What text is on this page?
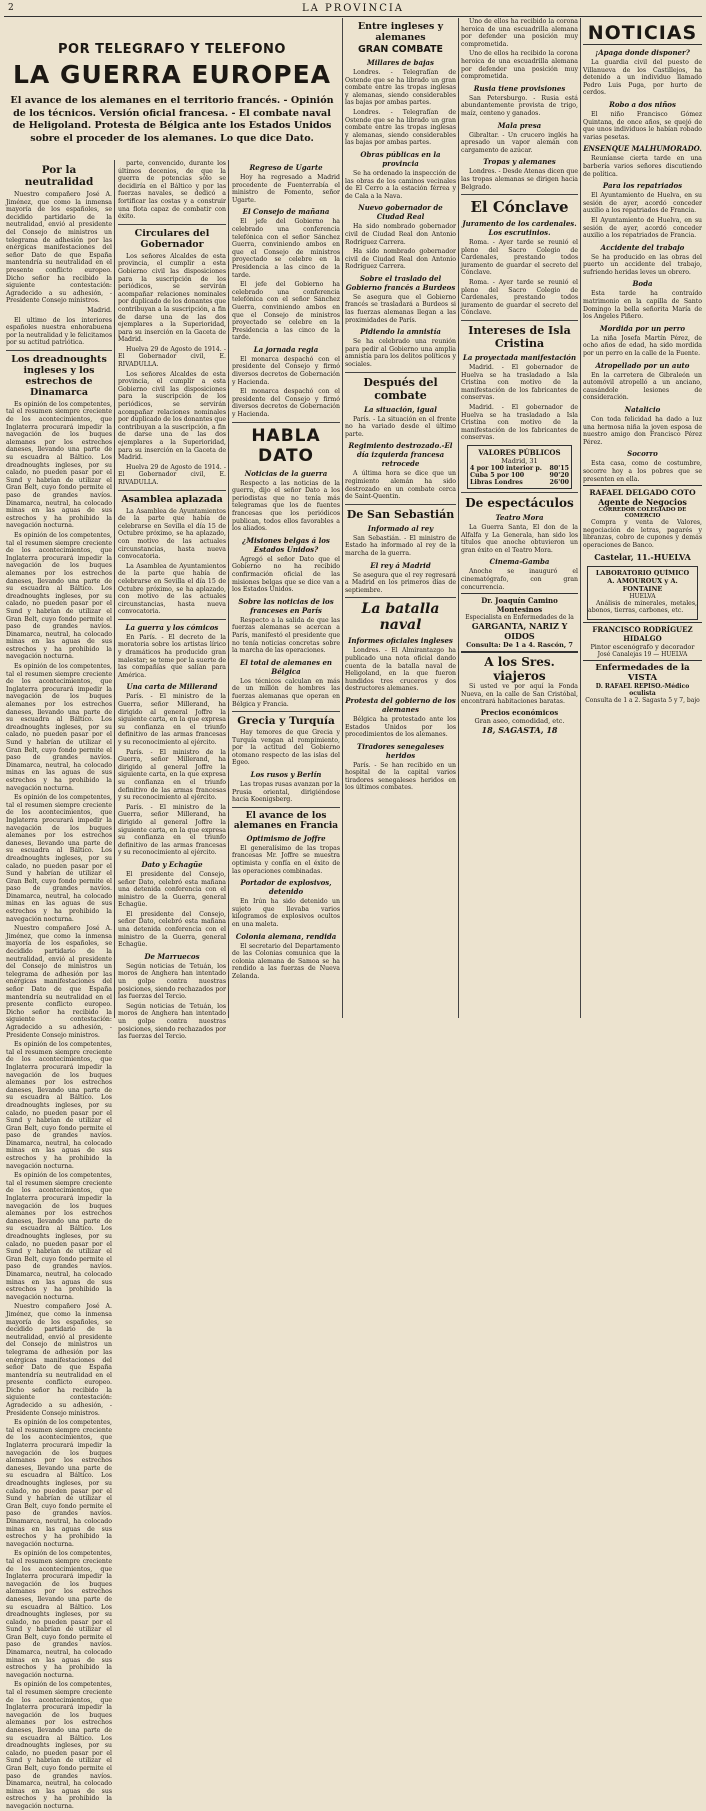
2	LA PROVINCIA
POR TELEGRAFO Y TELEFONO
LA GUERRA EUROPEA
El avance de los alemanes en el territorio francés. - Opinión de los técnicos. Versión oficial francesa. - El combate naval de Heligoland. Protesta de Bélgica ante los Estados Unidos sobre el proceder de los alemanes. Lo que dice Dato.
Por la neutralidad

Nuestro compañero José A. Jiménez, que como la inmensa mayoría de los españoles, se decidido partidario de la neutralidad, envió al presidente del Consejo de ministros un telegrama de adhesión por las enérgicas manifestaciones del señor Dato de que España mantendría su neutralidad en el presente conflicto europeo. Dicho señor ha recibido la siguiente contestación: Agradecido a su adhesión, - Presidente Consejo ministros.

Madrid.

El ultimo de los interiores españoles nuestra enhorabuena por la neutralidad y le felicitamos por su actitud patriótica.

Los dreadnoughts ingleses y los estrechos de Dinamarca

Es opinión de los competentes, tal el resumen siempre creciente de los acontecimientos, que Inglaterra procurará impedir la navegación de los buques alemanes por los estrechos daneses, llevando una parte de su escuadra al Báltico. Los dreadnoughts ingleses, por su calado, no pueden pasar por el Sund y habrían de utilizar el Gran Belt, cuyo fondo permite el paso de grandes navíos. Dinamarca, neutral, ha colocado minas en las aguas de sus estrechos y ha prohibido la navegación nocturna.

Es opinión de los competentes, tal el resumen siempre creciente de los acontecimientos, que Inglaterra procurará impedir la navegación de los buques alemanes por los estrechos daneses, llevando una parte de su escuadra al Báltico. Los dreadnoughts ingleses, por su calado, no pueden pasar por el Sund y habrían de utilizar el Gran Belt, cuyo fondo permite el paso de grandes navíos. Dinamarca, neutral, ha colocado minas en las aguas de sus estrechos y ha prohibido la navegación nocturna.

Es opinión de los competentes, tal el resumen siempre creciente de los acontecimientos, que Inglaterra procurará impedir la navegación de los buques alemanes por los estrechos daneses, llevando una parte de su escuadra al Báltico. Los dreadnoughts ingleses, por su calado, no pueden pasar por el Sund y habrían de utilizar el Gran Belt, cuyo fondo permite el paso de grandes navíos. Dinamarca, neutral, ha colocado minas en las aguas de sus estrechos y ha prohibido la navegación nocturna.

Es opinión de los competentes, tal el resumen siempre creciente de los acontecimientos, que Inglaterra procurará impedir la navegación de los buques alemanes por los estrechos daneses, llevando una parte de su escuadra al Báltico. Los dreadnoughts ingleses, por su calado, no pueden pasar por el Sund y habrían de utilizar el Gran Belt, cuyo fondo permite el paso de grandes navíos. Dinamarca, neutral, ha colocado minas en las aguas de sus estrechos y ha prohibido la navegación nocturna.

Nuestro compañero José A. Jiménez, que como la inmensa mayoría de los españoles, se decidido partidario de la neutralidad, envió al presidente del Consejo de ministros un telegrama de adhesión por las enérgicas manifestaciones del señor Dato de que España mantendría su neutralidad en el presente conflicto europeo. Dicho señor ha recibido la siguiente contestación: Agradecido a su adhesión, - Presidente Consejo ministros.

Es opinión de los competentes, tal el resumen siempre creciente de los acontecimientos, que Inglaterra procurará impedir la navegación de los buques alemanes por los estrechos daneses, llevando una parte de su escuadra al Báltico. Los dreadnoughts ingleses, por su calado, no pueden pasar por el Sund y habrían de utilizar el Gran Belt, cuyo fondo permite el paso de grandes navíos. Dinamarca, neutral, ha colocado minas en las aguas de sus estrechos y ha prohibido la navegación nocturna.

Es opinión de los competentes, tal el resumen siempre creciente de los acontecimientos, que Inglaterra procurará impedir la navegación de los buques alemanes por los estrechos daneses, llevando una parte de su escuadra al Báltico. Los dreadnoughts ingleses, por su calado, no pueden pasar por el Sund y habrían de utilizar el Gran Belt, cuyo fondo permite el paso de grandes navíos. Dinamarca, neutral, ha colocado minas en las aguas de sus estrechos y ha prohibido la navegación nocturna.

Nuestro compañero José A. Jiménez, que como la inmensa mayoría de los españoles, se decidido partidario de la neutralidad, envió al presidente del Consejo de ministros un telegrama de adhesión por las enérgicas manifestaciones del señor Dato de que España mantendría su neutralidad en el presente conflicto europeo. Dicho señor ha recibido la siguiente contestación: Agradecido a su adhesión, - Presidente Consejo ministros.

Es opinión de los competentes, tal el resumen siempre creciente de los acontecimientos, que Inglaterra procurará impedir la navegación de los buques alemanes por los estrechos daneses, llevando una parte de su escuadra al Báltico. Los dreadnoughts ingleses, por su calado, no pueden pasar por el Sund y habrían de utilizar el Gran Belt, cuyo fondo permite el paso de grandes navíos. Dinamarca, neutral, ha colocado minas en las aguas de sus estrechos y ha prohibido la navegación nocturna.

Es opinión de los competentes, tal el resumen siempre creciente de los acontecimientos, que Inglaterra procurará impedir la navegación de los buques alemanes por los estrechos daneses, llevando una parte de su escuadra al Báltico. Los dreadnoughts ingleses, por su calado, no pueden pasar por el Sund y habrían de utilizar el Gran Belt, cuyo fondo permite el paso de grandes navíos. Dinamarca, neutral, ha colocado minas en las aguas de sus estrechos y ha prohibido la navegación nocturna.

Es opinión de los competentes, tal el resumen siempre creciente de los acontecimientos, que Inglaterra procurará impedir la navegación de los buques alemanes por los estrechos daneses, llevando una parte de su escuadra al Báltico. Los dreadnoughts ingleses, por su calado, no pueden pasar por el Sund y habrían de utilizar el Gran Belt, cuyo fondo permite el paso de grandes navíos. Dinamarca, neutral, ha colocado minas en las aguas de sus estrechos y ha prohibido la navegación nocturna.

parte, convencido, durante los últimos decenios, de que la guerra de potencias sólo se decidiría en el Báltico y por las fuerzas navales, se dedicó a fortificar las costas y a construir una flota capaz de combatir con éxito.

Circulares del Gobernador

Los señores Alcaldes de esta provincia, el cumplir a esta Gobierno civil las disposiciones para la suscripción de los periódicos, se servirán acompañar relaciones nominales por duplicado de los donantes que contribuyan a la suscripción, a fin de darse una de las dos ejemplares a la Superioridad, para su inserción en la Gaceta de Madrid.

Huelva 29 de Agosto de 1914. - El Gobernador civil, E. RIVADULLA.

Los señores Alcaldes de esta provincia, el cumplir a esta Gobierno civil las disposiciones para la suscripción de los periódicos, se servirán acompañar relaciones nominales por duplicado de los donantes que contribuyan a la suscripción, a fin de darse una de las dos ejemplares a la Superioridad, para su inserción en la Gaceta de Madrid.

Huelva 29 de Agosto de 1914. - El Gobernador civil, E. RIVADULLA.

Asamblea aplazada

La Asamblea de Ayuntamientos de la parte que había de celebrarse en Sevilla el día 15 de Octubre próximo, se ha aplazado, con motivo de las actuales circunstancias, hasta nueva convocatoria.

La Asamblea de Ayuntamientos de la parte que había de celebrarse en Sevilla el día 15 de Octubre próximo, se ha aplazado, con motivo de las actuales circunstancias, hasta nueva convocatoria.

La guerra y los cómicos

En París. - El decreto de la moratoria sobre los artistas lírico y dramáticos ha producido gran malestar; se teme por la suerte de las compañías que salían para América.

Una carta de Millerand

París. - El ministro de la Guerra, señor Millerand, ha dirigido al general Joffre la siguiente carta, en la que expresa su confianza en el triunfo definitivo de las armas francesas y su reconocimiento al ejército.

París. - El ministro de la Guerra, señor Millerand, ha dirigido al general Joffre la siguiente carta, en la que expresa su confianza en el triunfo definitivo de las armas francesas y su reconocimiento al ejército.

París. - El ministro de la Guerra, señor Millerand, ha dirigido al general Joffre la siguiente carta, en la que expresa su confianza en el triunfo definitivo de las armas francesas y su reconocimiento al ejército.

Dato y Echagüe

El presidente del Consejo, señor Dato, celebró esta mañana una detenida conferencia con el ministro de la Guerra, general Echagüe.

El presidente del Consejo, señor Dato, celebró esta mañana una detenida conferencia con el ministro de la Guerra, general Echagüe.

De Marruecos

Según noticias de Tetuán, los moros de Anghera han intentado un golpe contra nuestras posiciones, siendo rechazados por las fuerzas del Tercio.

Según noticias de Tetuán, los moros de Anghera han intentado un golpe contra nuestras posiciones, siendo rechazados por las fuerzas del Tercio.

Regreso de Ugarte

Hoy ha regresado a Madrid procedente de Fuenterrabía el ministro de Fomento, señor Ugarte.

El Consejo de mañana

El jefe del Gobierno ha celebrado una conferencia telefónica con el señor Sánchez Guerra, conviniendo ambos en que el Consejo de ministros proyectado se celebre en la Presidencia a las cinco de la tarde.

El jefe del Gobierno ha celebrado una conferencia telefónica con el señor Sánchez Guerra, conviniendo ambos en que el Consejo de ministros proyectado se celebre en la Presidencia a las cinco de la tarde.

La jornada regia

El monarca despachó con el presidente del Consejo y firmó diversos decretos de Gobernación y Hacienda.

El monarca despachó con el presidente del Consejo y firmó diversos decretos de Gobernación y Hacienda.

HABLA DATO
Noticias de la guerra

Respecto a las noticias de la guerra, dijo el señor Dato a los periodistas que no tenía más telegramas que los de fuentes francesas que los periódicos publican, todos ellos favorables a los aliados.

¿Misiones belgas á los Estados Unidos?

Agregó el señor Dato que el Gobierno no ha recibido confirmación oficial de las misiones belgas que se dice van a los Estados Unidos.

Sobre las noticias de los franceses en París

Respecto a la salida de que las fuerzas alemanas se acercan a París, manifestó el presidente que no tenía noticias concretas sobre la marcha de las operaciones.

El total de alemanes en Bélgica

Los técnicos calculan en más de un millón de hombres las fuerzas alemanas que operan en Bélgica y Francia.

Grecia y Turquía

Hay temores de que Grecia y Turquía vengan al rompimiento, por la actitud del Gobierno otomano respecto de las islas del Egeo.

Los rusos y Berlín

Las tropas rusas avanzan por la Prusia oriental, dirigiéndose hacia Koenigsberg.

El avance de los alemanes en Francia
Optimismo de Joffre

El generalísimo de las tropas francesas Mr. Joffre se muestra optimista y confía en el éxito de las operaciones combinadas.

Portador de explosivos, detenido

En Irún ha sido detenido un sujeto que llevaba varios kilogramos de explosivos ocultos en una maleta.

Colonia alemana, rendida

El secretario del Departamento de las Colonias comunica que la colonia alemana de Samoa se ha rendido a las fuerzas de Nueva Zelanda.

Entre ingleses y alemanes
GRAN COMBATE
Millares de bajas

Londres. - Telegrafían de Ostende que se ha librado un gran combate entre las tropas inglesas y alemanas, siendo considerables las bajas por ambas partes.

Londres. - Telegrafían de Ostende que se ha librado un gran combate entre las tropas inglesas y alemanas, siendo considerables las bajas por ambas partes.

Obras públicas en la provincia

Se ha ordenado la inspección de las obras de los caminos vecinales de El Cerro a la estación férrea y de Cala a la Nava.

Nuevo gobernador de Ciudad Real

Ha sido nombrado gobernador civil de Ciudad Real don Antonio Rodríguez Carrera.

Ha sido nombrado gobernador civil de Ciudad Real don Antonio Rodríguez Carrera.

Sobre el traslado del Gobierno francés a Burdeos

Se asegura que el Gobierno francés se trasladará a Burdeos si las fuerzas alemanas llegan a las proximidades de París.

Pidiendo la amnistía

Se ha celebrado una reunión para pedir al Gobierno una amplia amnistía para los delitos políticos y sociales.

Después del combate
La situación, igual

París. - La situación en el frente no ha variado desde el último parte.

Regimiento destrozado.-El día izquierda francesa retrocede

A última hora se dice que un regimiento alemán ha sido destrozado en un combate cerca de Saint-Quentin.

De San Sebastián
Informado al rey

San Sebastián. - El ministro de Estado ha informado al rey de la marcha de la guerra.

El rey á Madrid

Se asegura que el rey regresará a Madrid en los primeros días de septiembre.

La batalla naval
Informes oficiales ingleses

Londres. - El Almirantazgo ha publicado una nota oficial dando cuenta de la batalla naval de Heligoland, en la que fueron hundidos tres cruceros y dos destructores alemanes.

Protesta del gobierno de los alemanes

Bélgica ha protestado ante los Estados Unidos por los procedimientos de los alemanes.

Tiradores senegaleses heridos

París. - Se han recibido en un hospital de la capital varios tiradores senegaleses heridos en los últimos combates.

Uno de ellos ha recibido la corona heroica de una escuadrilla alemana por defender una posición muy comprometida.

Uno de ellos ha recibido la corona heroica de una escuadrilla alemana por defender una posición muy comprometida.

Rusia tiene provisiones

San Petersburgo. - Rusia está abundantemente provista de trigo, maíz, centeno y ganados.

Mala presa

Gibraltar. - Un crucero inglés ha apresado un vapor alemán con cargamento de azúcar.

Tropas y alemanes

Londres. - Desde Atenas dicen que las tropas alemanas se dirigen hacia Belgrado.

El Cónclave
Juramento de los cardenales. Los escrutinios.

Roma. - Ayer tarde se reunió el pleno del Sacro Colegio de Cardenales, prestando todos juramento de guardar el secreto del Cónclave.

Roma. - Ayer tarde se reunió el pleno del Sacro Colegio de Cardenales, prestando todos juramento de guardar el secreto del Cónclave.

Intereses de Isla Cristina
La proyectada manifestación

Madrid. - El gobernador de Huelva se ha trasladado a Isla Cristina con motivo de la manifestación de los fabricantes de conservas.

Madrid. - El gobernador de Huelva se ha trasladado a Isla Cristina con motivo de la manifestación de los fabricantes de conservas.

VALORES PÚBLICOS
Madrid, 31
4 por 100 interior p. 80'15
Cuba 5 por 100	90'20
Libras Londres	26'00
De espectáculos
Teatro Mora

La Guerra Santa, El don de la Alfalfa y La Generala, han sido los títulos que anoche obtuvieron un gran éxito en el Teatro Mora.

Cinema-Gamba

Anoche se inauguró el cinematógrafo, con gran concurrencia.

Dr. Joaquín Camino Montesinos
Especialista en Enfermedades de la
GARGANTA, NARIZ Y OIDOS
Consulta: De 1 a 4. Rascón, 7
A los Sres. viajeros

Si usted ve por aquí la Fonda Nueva, en la calle de San Cristóbal, encontrará habitaciones baratas.

Precios económicos
Gran aseo, comodidad, etc.
18, SAGASTA, 18
NOTICIAS
¡Apaga donde disponer?

La guardia civil del puesto de Villanueva de los Castillejos, ha detenido a un individuo llamado Pedro Luis Puga, por hurto de cerdos.

Robo a dos niños

El niño Francisco Gómez Quintana, de once años, se quejó de que unos individuos le habían robado varias pesetas.

ENSENQUE MALHUMORADO.

Reuníanse cierta tarde en una barbería varios señores discutiendo de política.

Para los repatriados

El Ayuntamiento de Huelva, en su sesión de ayer, acordó conceder auxilio a los repatriados de Francia.

El Ayuntamiento de Huelva, en su sesión de ayer, acordó conceder auxilio a los repatriados de Francia.

Accidente del trabajo

Se ha producido en las obras del puerto un accidente del trabajo, sufriendo heridas leves un obrero.

Boda

Esta tarde ha contraído matrimonio en la capilla de Santo Domingo la bella señorita María de los Angeles Piñero.

Mordida por un perro

La niña Josefa Martín Pérez, de ocho años de edad, ha sido mordida por un perro en la calle de la Fuente.

Atropellado por un auto

En la carretera de Gibraleón un automóvil atropelló a un anciano, causándole lesiones de consideración.

Natalicio

Con toda felicidad ha dado a luz una hermosa niña la joven esposa de nuestro amigo don Francisco Pérez Pérez.

Socorro

Esta casa, como de costumbre, socorre hoy a los pobres que se presenten en ella.

RAFAEL DELGADO COTO
Agente de Negocios
CORREDOR COLEGIADO DE COMERCIO

Compra y venta de Valores, negociación de letras, pagarés y libranzas, cobro de cupones y demás operaciones de Banco.

Castelar, 11.-HUELVA
LABORATORIO QUÍMICO
A. AMOUROUX y A. FONTAINE
HUELVA

Análisis de minerales, metales, abonos, tierras, carbones, etc.

FRANCISCO RODRÍGUEZ HIDALGO
Pintor escenógrafo y decorador
José Canalejas 19 — HUELVA
Enfermedades de la VISTA
D. RAFAEL REPISO.-Médico oculista
Consulta de 1 a 2. Sagasta 5 y 7, bajo
